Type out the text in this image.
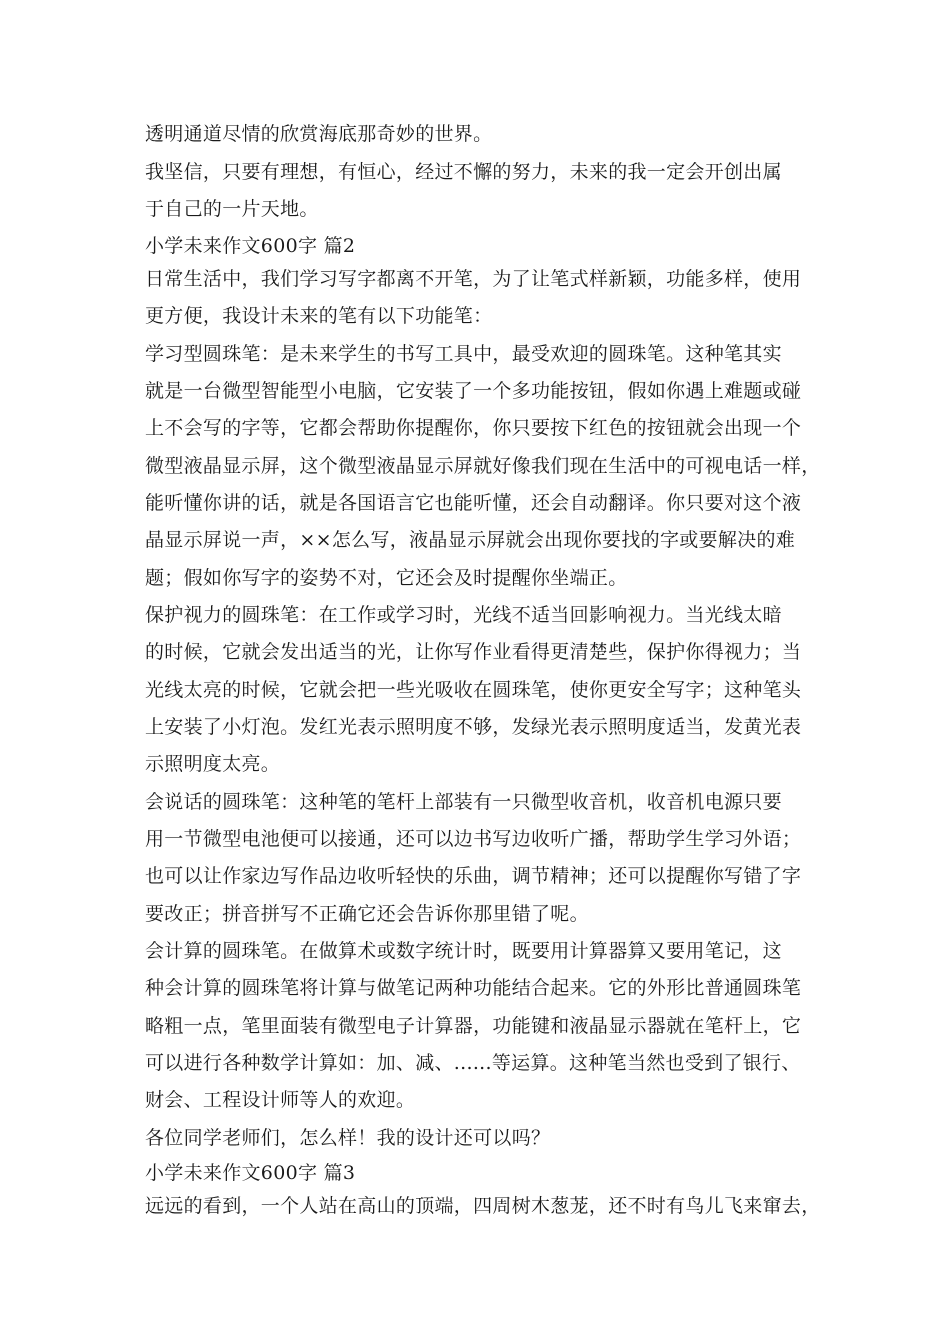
透明通道尽情的欣赏海底那奇妙的世界。
我坚信，只要有理想，有恒心，经过不懈的努力，未来的我一定会开创出属
于自己的一片天地。
小学未来作文600字 篇2
日常生活中，我们学习写字都离不开笔，为了让笔式样新颖，功能多样，使用
更方便，我设计未来的笔有以下功能笔：
学习型圆珠笔：是未来学生的书写工具中，最受欢迎的圆珠笔。这种笔其实
就是一台微型智能型小电脑，它安装了一个多功能按钮，假如你遇上难题或碰
上不会写的字等，它都会帮助你提醒你，你只要按下红色的按钮就会出现一个
微型液晶显示屏，这个微型液晶显示屏就好像我们现在生活中的可视电话一样，
能听懂你讲的话，就是各国语言它也能听懂，还会自动翻译。你只要对这个液
晶显示屏说一声，××怎么写，液晶显示屏就会出现你要找的字或要解决的难
题；假如你写字的姿势不对，它还会及时提醒你坐端正。
保护视力的圆珠笔：在工作或学习时，光线不适当回影响视力。当光线太暗
的时候，它就会发出适当的光，让你写作业看得更清楚些，保护你得视力；当
光线太亮的时候，它就会把一些光吸收在圆珠笔，使你更安全写字；这种笔头
上安装了小灯泡。发红光表示照明度不够，发绿光表示照明度适当，发黄光表
示照明度太亮。
会说话的圆珠笔：这种笔的笔杆上部装有一只微型收音机，收音机电源只要
用一节微型电池便可以接通，还可以边书写边收听广播，帮助学生学习外语；
也可以让作家边写作品边收听轻快的乐曲，调节精神；还可以提醒你写错了字
要改正；拼音拼写不正确它还会告诉你那里错了呢。
会计算的圆珠笔。在做算术或数字统计时，既要用计算器算又要用笔记，这
种会计算的圆珠笔将计算与做笔记两种功能结合起来。它的外形比普通圆珠笔
略粗一点，笔里面装有微型电子计算器，功能键和液晶显示器就在笔杆上，它
可以进行各种数学计算如：加、减、......等运算。这种笔当然也受到了银行、
财会、工程设计师等人的欢迎。
各位同学老师们，怎么样！我的设计还可以吗？
小学未来作文600字 篇3
远远的看到，一个人站在高山的顶端，四周树木葱茏，还不时有鸟儿飞来窜去，
